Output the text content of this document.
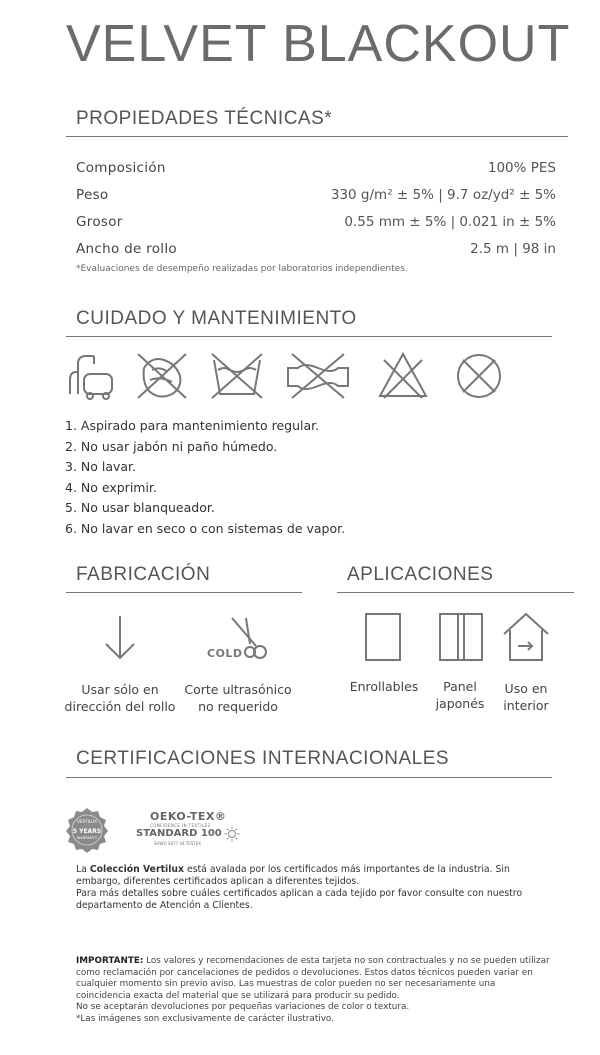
VELVET BLACKOUT
PROPIEDADES TÉCNICAS*
Composición	100% PES
Peso	330 g/m² ± 5% | 9.7 oz/yd² ± 5%
Grosor	0.55 mm ± 5% | 0.021 in ± 5%
Ancho de rollo	2.5 m | 98 in
*Evaluaciones de desempeño realizadas por laboratorios independientes.
CUIDADO Y MANTENIMIENTO
1. Aspirado para mantenimiento regular.
2. No usar jabón ni paño húmedo.
3. No lavar.
4. No exprimir.
5. No usar blanqueador.
6. No lavar en seco o con sistemas de vapor.
FABRICACIÓN
COLD
Usar sólo en
dirección del rollo
Corte ultrasónico
no requerido
APLICACIONES
Enrollables	Panel
japonés
Uso en
interior
CERTIFICACIONES INTERNACIONALES
VERTILUX
5 YEARS
WARRANTY
OEKO-TEX®
CONFIDENCE IN TEXTILES
STANDARD 100
SHWO 0877 44 TESTEX

La Colección Vertilux está avalada por los certificados más importantes de la industria. Sin embargo, diferentes certificados aplican a diferentes tejidos.

Para más detalles sobre cuáles certificados aplican a cada tejido por favor consulte con nuestro departamento de Atención a Clientes.

IMPORTANTE: Los valores y recomendaciones de esta tarjeta no son contractuales y no se pueden utilizar como reclamación por cancelaciones de pedidos o devoluciones. Estos datos técnicos pueden variar en cualquier momento sin previo aviso. Las muestras de color pueden no ser necesariamente una coincidencia exacta del material que se utilizará para producir su pedido.

No se aceptarán devoluciones por pequeñas variaciones de color o textura.

*Las imágenes son exclusivamente de carácter ilustrativo.
